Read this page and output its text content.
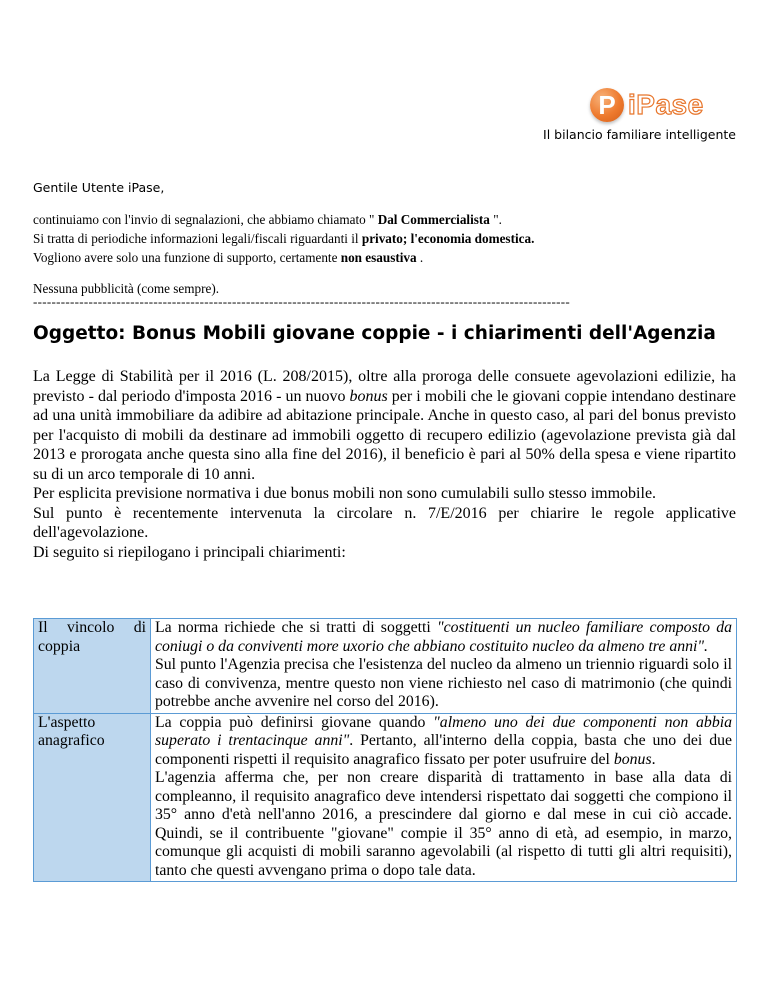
P iPase
Il bilancio familiare intelligente
Gentile Utente iPase,

continuiamo con l'invio di segnalazioni, che abbiamo chiamato " Dal Commercialista ".

Si tratta di periodiche informazioni legali/fiscali riguardanti il privato; l'economia domestica.

Vogliono avere solo una funzione di supporto, certamente non esaustiva .

Nessuna pubblicità (come sempre).
--------------------------------------------------------------------------------------------------------------------
Oggetto: Bonus Mobili giovane coppie - i chiarimenti dell'Agenzia

La Legge di Stabilità per il 2016 (L. 208/2015), oltre alla proroga delle consuete agevolazioni edilizie, ha previsto - dal periodo d'imposta 2016 - un nuovo bonus per i mobili che le giovani coppie intendano destinare ad una unità immobiliare da adibire ad abitazione principale. Anche in questo caso, al pari del bonus previsto per l'acquisto di mobili da destinare ad immobili oggetto di recupero edilizio (agevolazione prevista già dal 2013 e prorogata anche questa sino alla fine del 2016), il beneficio è pari al 50% della spesa e viene ripartito su di un arco temporale di 10 anni.

Per esplicita previsione normativa i due bonus mobili non sono cumulabili sullo stesso immobile.

Sul punto è recentemente intervenuta la circolare n. 7/E/2016 per chiarire le regole applicative dell'agevolazione.

Di seguito si riepilogano i principali chiarimenti:

Il vincolo di coppia	La norma richiede che si tratti di soggetti "costituenti un nucleo familiare composto da coniugi o da conviventi more uxorio che abbiano costituito nucleo da almeno tre anni".

Sul punto l'Agenzia precisa che l'esistenza del nucleo da almeno un triennio riguardi solo il caso di convivenza, mentre questo non viene richiesto nel caso di matrimonio (che quindi potrebbe anche avvenire nel corso del 2016).

L'aspetto anagrafico	La coppia può definirsi giovane quando "almeno uno dei due componenti non abbia superato i trentacinque anni". Pertanto, all'interno della coppia, basta che uno dei due componenti rispetti il requisito anagrafico fissato per poter usufruire del bonus.

L'agenzia afferma che, per non creare disparità di trattamento in base alla data di compleanno, il requisito anagrafico deve intendersi rispettato dai soggetti che compiono il 35° anno d'età nell'anno 2016, a prescindere dal giorno e dal mese in cui ciò accade. Quindi, se il contribuente "giovane" compie il 35° anno di età, ad esempio, in marzo, comunque gli acquisti di mobili saranno agevolabili (al rispetto di tutti gli altri requisiti), tanto che questi avvengano prima o dopo tale data.
